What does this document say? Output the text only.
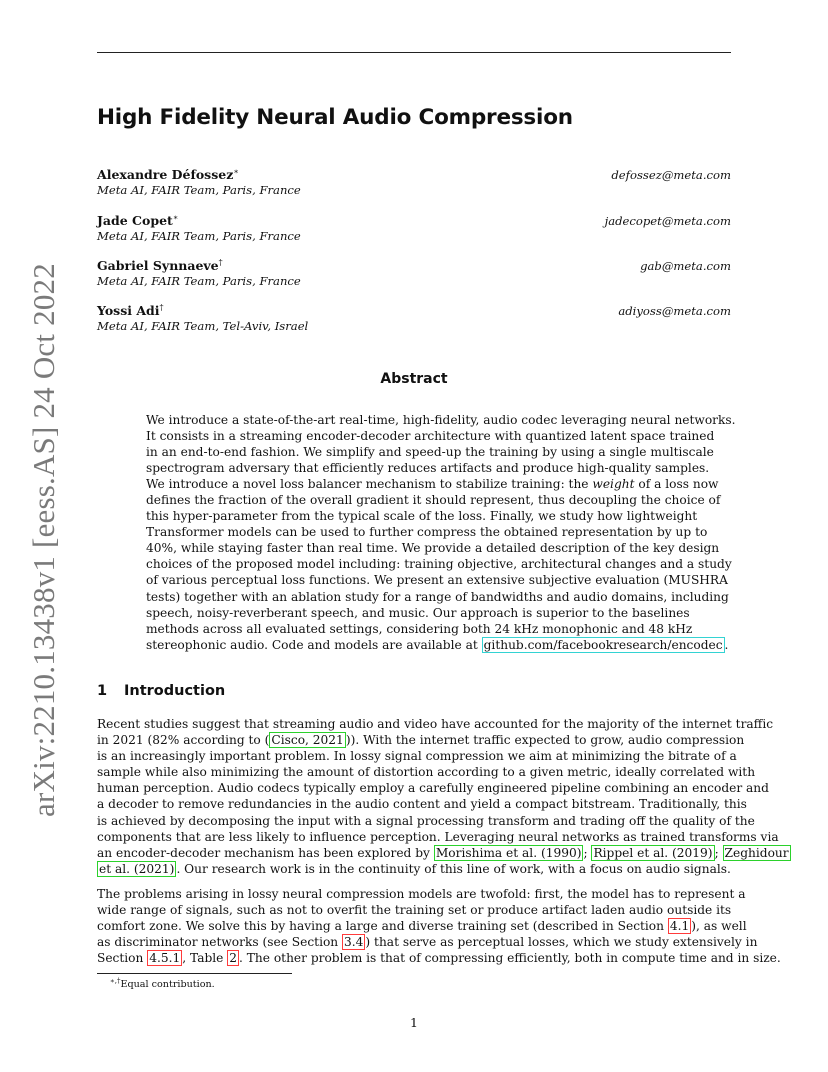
arXiv:2210.13438v1 [eess.AS] 24 Oct 2022
High Fidelity Neural Audio Compression
Alexandre Défossez∗
Meta AI, FAIR Team, Paris, France
defossez@meta.com
Jade Copet∗
Meta AI, FAIR Team, Paris, France
jadecopet@meta.com
Gabriel Synnaeve†
Meta AI, FAIR Team, Paris, France
gab@meta.com
Yossi Adi†
Meta AI, FAIR Team, Tel-Aviv, Israel
adiyoss@meta.com
Abstract
We introduce a state-of-the-art real-time, high-fidelity, audio codec leveraging neural networks.
It consists in a streaming encoder-decoder architecture with quantized latent space trained
in an end-to-end fashion. We simplify and speed-up the training by using a single multiscale
spectrogram adversary that efficiently reduces artifacts and produce high-quality samples.
We introduce a novel loss balancer mechanism to stabilize training: the weight of a loss now
defines the fraction of the overall gradient it should represent, thus decoupling the choice of
this hyper-parameter from the typical scale of the loss. Finally, we study how lightweight
Transformer models can be used to further compress the obtained representation by up to
40%, while staying faster than real time. We provide a detailed description of the key design
choices of the proposed model including: training objective, architectural changes and a study
of various perceptual loss functions. We present an extensive subjective evaluation (MUSHRA
tests) together with an ablation study for a range of bandwidths and audio domains, including
speech, noisy-reverberant speech, and music. Our approach is superior to the baselines
methods across all evaluated settings, considering both 24 kHz monophonic and 48 kHz
stereophonic audio. Code and models are available at github.com/facebookresearch/encodec .
1 Introduction
Recent studies suggest that streaming audio and video have accounted for the majority of the internet traffic
in 2021 (82% according to ( Cisco, 2021 )). With the internet traffic expected to grow, audio compression
is an increasingly important problem. In lossy signal compression we aim at minimizing the bitrate of a
sample while also minimizing the amount of distortion according to a given metric, ideally correlated with
human perception. Audio codecs typically employ a carefully engineered pipeline combining an encoder and
a decoder to remove redundancies in the audio content and yield a compact bitstream. Traditionally, this
is achieved by decomposing the input with a signal processing transform and trading off the quality of the
components that are less likely to influence perception. Leveraging neural networks as trained transforms via
an encoder-decoder mechanism has been explored by Morishima et al. (1990) ; Rippel et al. (2019) ; Zeghidour
et al. (2021) . Our research work is in the continuity of this line of work, with a focus on audio signals.
The problems arising in lossy neural compression models are twofold: first, the model has to represent a
wide range of signals, such as not to overfit the training set or produce artifact laden audio outside its
comfort zone. We solve this by having a large and diverse training set (described in Section 4.1 ), as well
as discriminator networks (see Section 3.4 ) that serve as perceptual losses, which we study extensively in
Section 4.5.1 , Table 2 . The other problem is that of compressing efficiently, both in compute time and in size.
∗,†Equal contribution.
1
